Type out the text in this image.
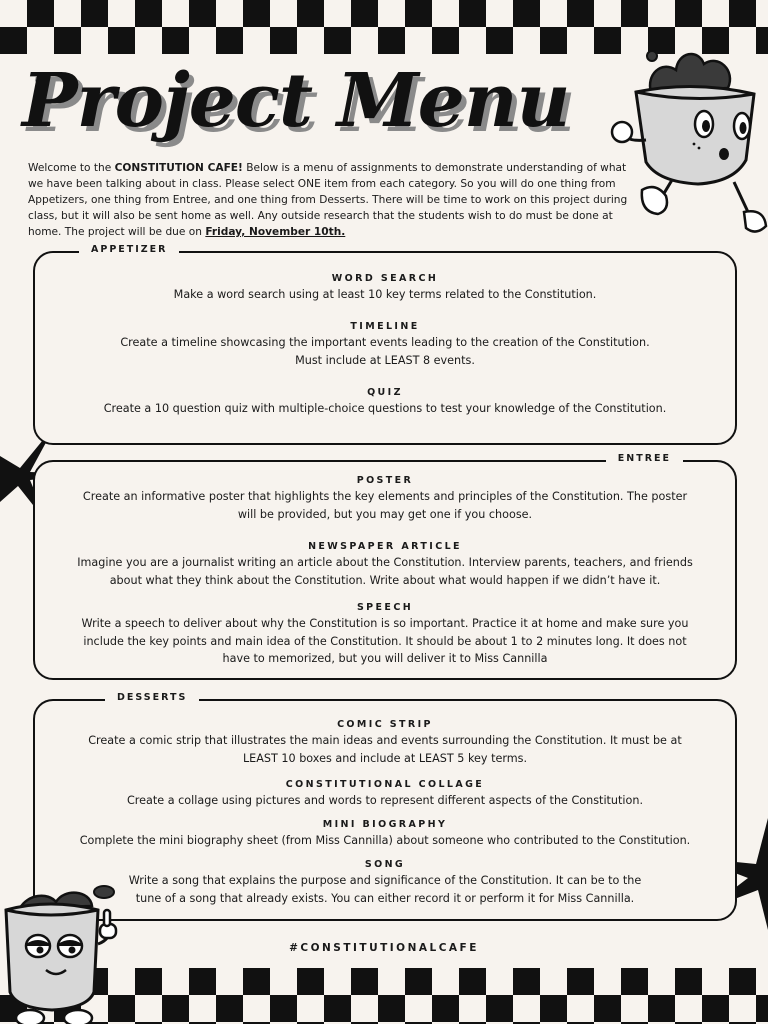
Project Menu
Welcome to the CONSTITUTION CAFE! Below is a menu of assignments to demonstrate understanding of what we have been talking about in class. Please select ONE item from each category. So you will do one thing from Appetizers, one thing from Entree, and one thing from Desserts. There will be time to work on this project during class, but it will also be sent home as well. Any outside research that the students wish to do must be done at home. The project will be due on Friday, November 10th.
APPETIZER
WORD SEARCH
Make a word search using at least 10 key terms related to the Constitution.
TIMELINE
Create a timeline showcasing the important events leading to the creation of the Constitution.
Must include at LEAST 8 events.
QUIZ
Create a 10 question quiz with multiple-choice questions to test your knowledge of the Constitution.
ENTREE
POSTER
Create an informative poster that highlights the key elements and principles of the Constitution. The poster
will be provided, but you may get one if you choose.
NEWSPAPER ARTICLE
Imagine you are a journalist writing an article about the Constitution. Interview parents, teachers, and friends
about what they think about the Constitution. Write about what would happen if we didn’t have it.
SPEECH
Write a speech to deliver about why the Constitution is so important. Practice it at home and make sure you
include the key points and main idea of the Constitution. It should be about 1 to 2 minutes long. It does not
have to memorized, but you will deliver it to Miss Cannilla
DESSERTS
COMIC STRIP
Create a comic strip that illustrates the main ideas and events surrounding the Constitution. It must be at
LEAST 10 boxes and include at LEAST 5 key terms.
CONSTITUTIONAL COLLAGE
Create a collage using pictures and words to represent different aspects of the Constitution.
MINI BIOGRAPHY
Complete the mini biography sheet (from Miss Cannilla) about someone who contributed to the Constitution.
SONG
Write a song that explains the purpose and significance of the Constitution. It can be to the
tune of a song that already exists. You can either record it or perform it for Miss Cannilla.
#CONSTITUTIONALCAFE
